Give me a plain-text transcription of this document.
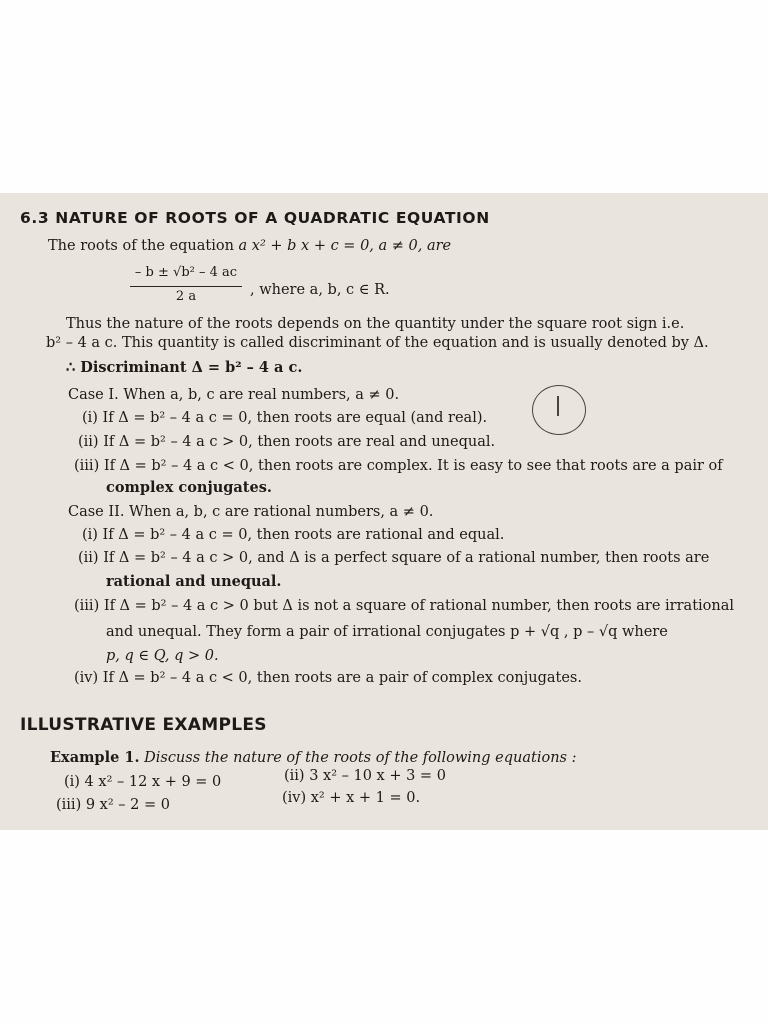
6.3 NATURE OF ROOTS OF A QUADRATIC EQUATION
The roots of the equation a x² + b x + c = 0, a ≠ 0, are
– b ± √b² – 4 ac
2 a	, where a, b, c ∈ R.
Thus the nature of the roots depends on the quantity under the square root sign i.e.
b² – 4 a c. This quantity is called discriminant of the equation and is usually denoted by Δ.
∴ Discriminant Δ = b² – 4 a c.
Case I. When a, b, c are real numbers, a ≠ 0.
(i) If Δ = b² – 4 a c = 0, then roots are equal (and real).
(ii) If Δ = b² – 4 a c > 0, then roots are real and unequal.
(iii) If Δ = b² – 4 a c < 0, then roots are complex. It is easy to see that roots are a pair of
complex conjugates.
Case II. When a, b, c are rational numbers, a ≠ 0.
(i) If Δ = b² – 4 a c = 0, then roots are rational and equal.
(ii) If Δ = b² – 4 a c > 0, and Δ is a perfect square of a rational number, then roots are
rational and unequal.
(iii) If Δ = b² – 4 a c > 0 but Δ is not a square of rational number, then roots are irrational
and unequal. They form a pair of irrational conjugates p + √q , p – √q where
p, q ∈ Q, q > 0.
(iv) If Δ = b² – 4 a c < 0, then roots are a pair of complex conjugates.
ILLUSTRATIVE EXAMPLES
Example 1. Discuss the nature of the roots of the following equations :
(i) 4 x² – 12 x + 9 = 0	(ii) 3 x² – 10 x + 3 = 0
(iii) 9 x² – 2 = 0	(iv) x² + x + 1 = 0.
